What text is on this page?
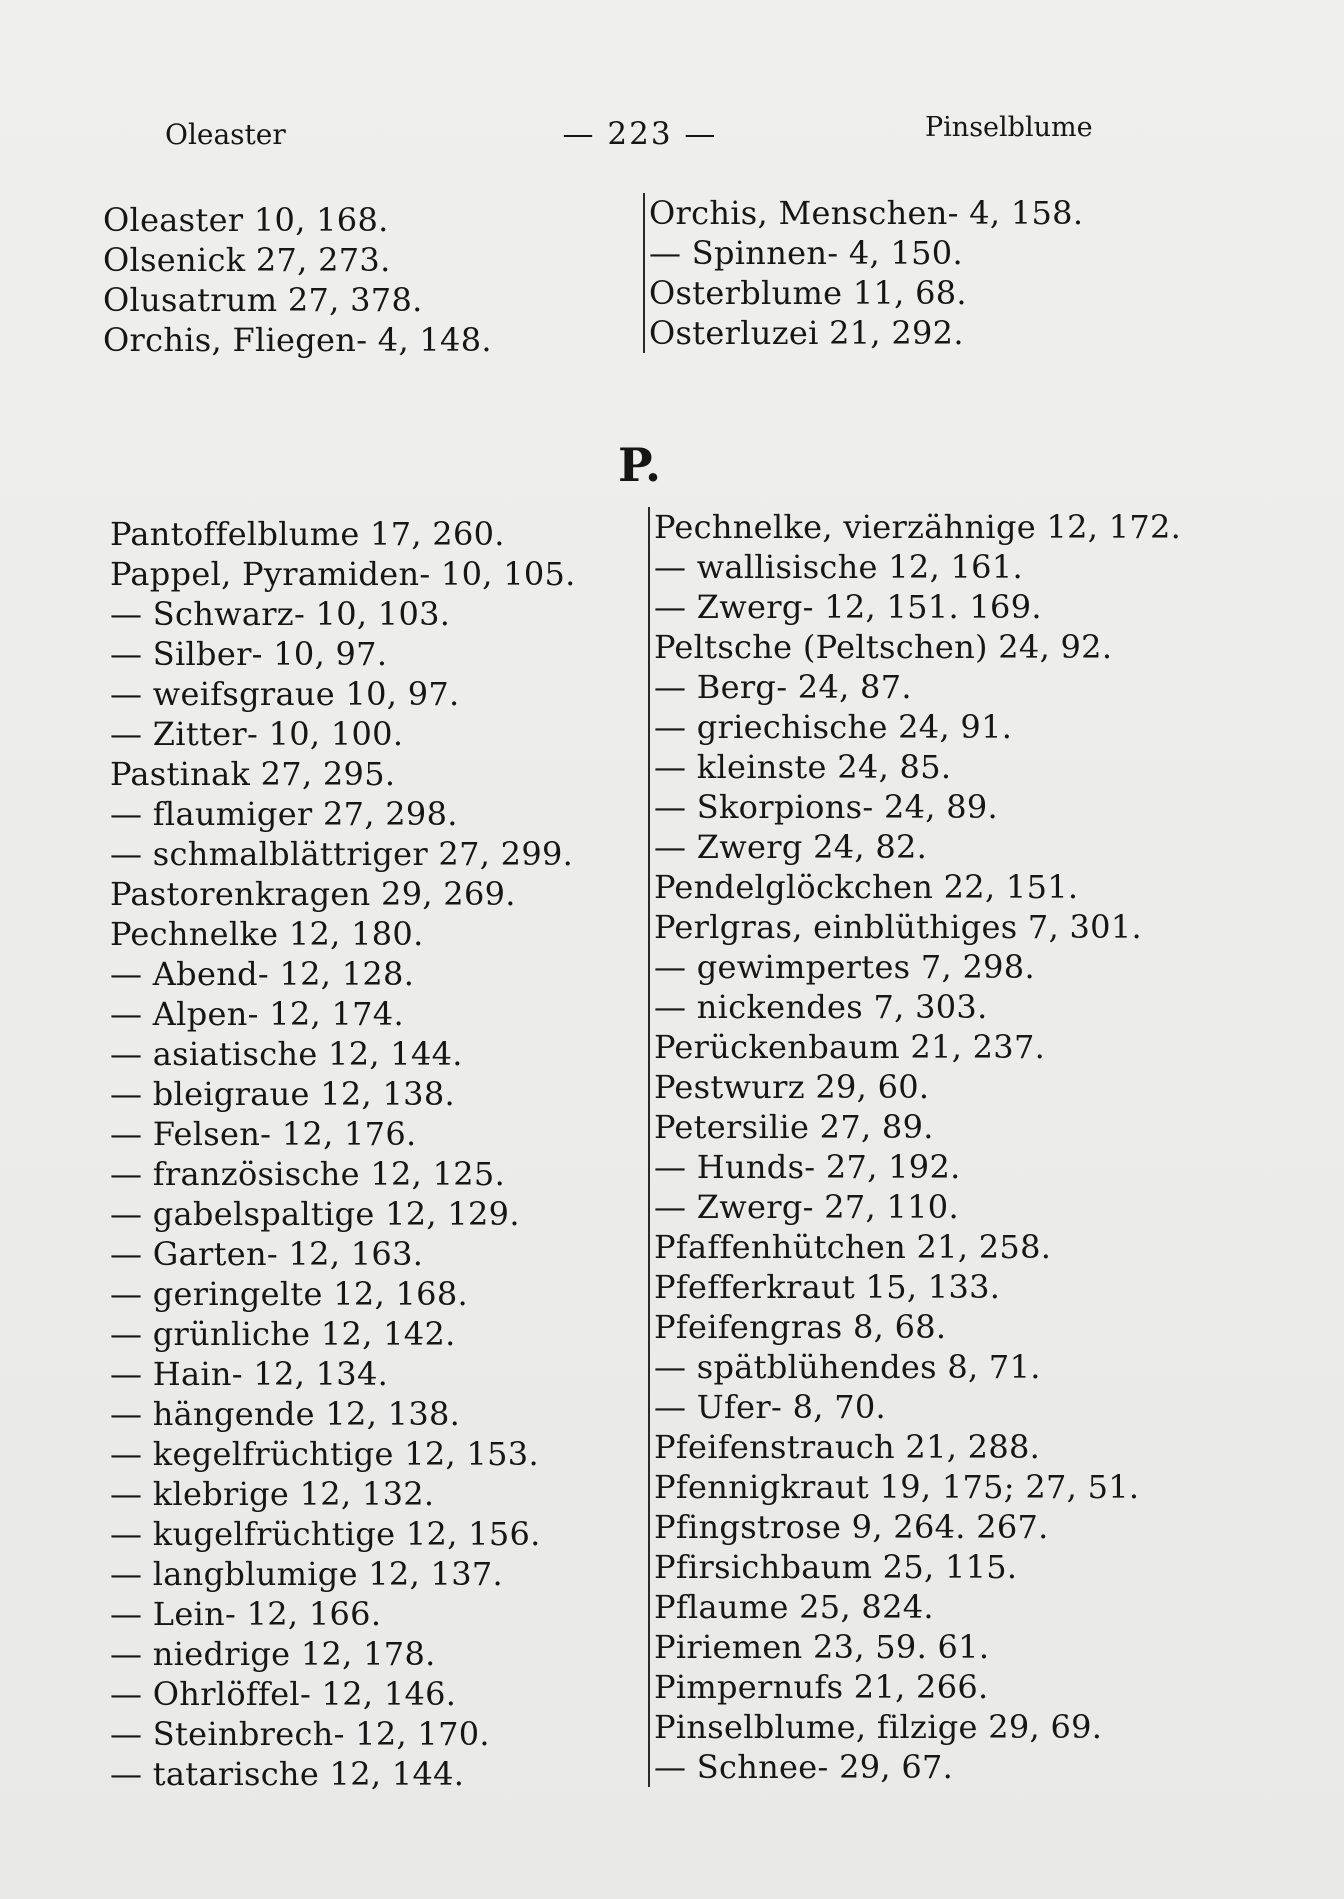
Oleaster	— 223 —	Pinselblume
Oleaster 10, 168.
Olsenick 27, 273.
Olusatrum 27, 378.
Orchis, Fliegen- 4, 148.
Orchis, Menschen- 4, 158.
— Spinnen- 4, 150.
Osterblume 11, 68.
Osterluzei 21, 292.
P.
Pantoffelblume 17, 260.
Pappel, Pyramiden- 10, 105.
— Schwarz- 10, 103.
— Silber- 10, 97.
— weifsgraue 10, 97.
— Zitter- 10, 100.
Pastinak 27, 295.
— flaumiger 27, 298.
— schmalblättriger 27, 299.
Pastorenkragen 29, 269.
Pechnelke 12, 180.
— Abend- 12, 128.
— Alpen- 12, 174.
— asiatische 12, 144.
— bleigraue 12, 138.
— Felsen- 12, 176.
— französische 12, 125.
— gabelspaltige 12, 129.
— Garten- 12, 163.
— geringelte 12, 168.
— grünliche 12, 142.
— Hain- 12, 134.
— hängende 12, 138.
— kegelfrüchtige 12, 153.
— klebrige 12, 132.
— kugelfrüchtige 12, 156.
— langblumige 12, 137.
— Lein- 12, 166.
— niedrige 12, 178.
— Ohrlöffel- 12, 146.
— Steinbrech- 12, 170.
— tatarische 12, 144.
Pechnelke, vierzähnige 12, 172.
— wallisische 12, 161.
— Zwerg- 12, 151. 169.
Peltsche (Peltschen) 24, 92.
— Berg- 24, 87.
— griechische 24, 91.
— kleinste 24, 85.
— Skorpions- 24, 89.
— Zwerg 24, 82.
Pendelglöckchen 22, 151.
Perlgras, einblüthiges 7, 301.
— gewimpertes 7, 298.
— nickendes 7, 303.
Perückenbaum 21, 237.
Pestwurz 29, 60.
Petersilie 27, 89.
— Hunds- 27, 192.
— Zwerg- 27, 110.
Pfaffenhütchen 21, 258.
Pfefferkraut 15, 133.
Pfeifengras 8, 68.
— spätblühendes 8, 71.
— Ufer- 8, 70.
Pfeifenstrauch 21, 288.
Pfennigkraut 19, 175; 27, 51.
Pfingstrose 9, 264. 267.
Pfirsichbaum 25, 115.
Pflaume 25, 824.
Piriemen 23, 59. 61.
Pimpernufs 21, 266.
Pinselblume, filzige 29, 69.
— Schnee- 29, 67.
